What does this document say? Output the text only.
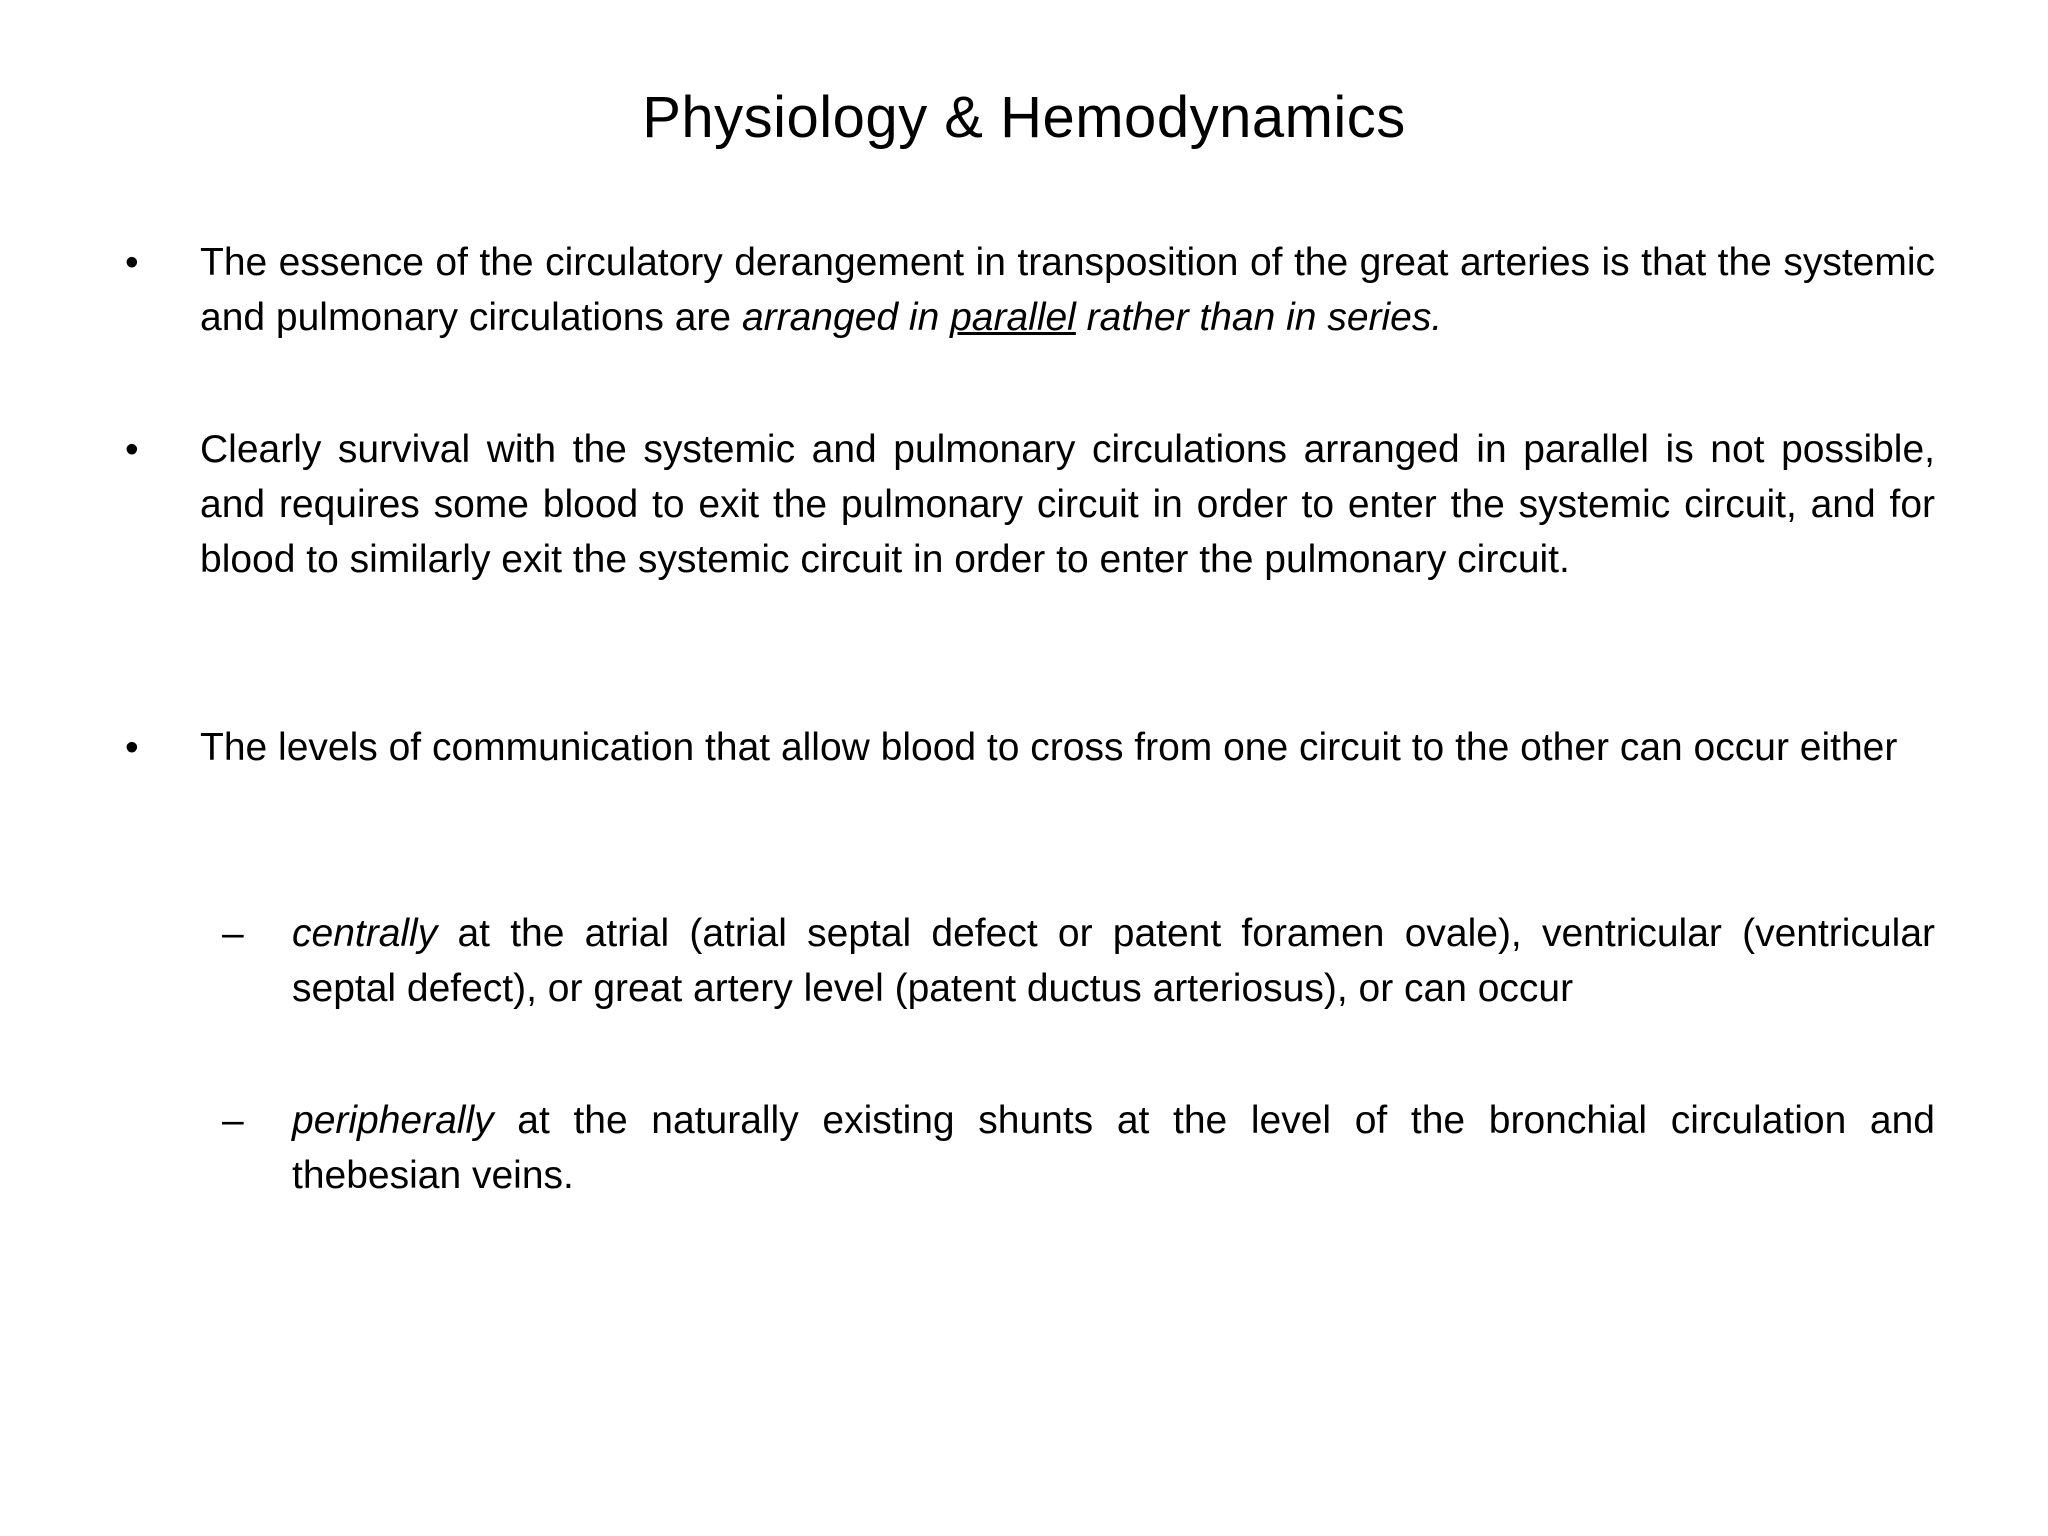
Physiology & Hemodynamics
•	The essence of the circulatory derangement in transposition of the great arteries is that the systemic and pulmonary circulations are arranged in parallel rather than in series.
•	Clearly survival with the systemic and pulmonary circulations arranged in parallel is not possible, and requires some blood to exit the pulmonary circuit in order to enter the systemic circuit, and for blood to similarly exit the systemic circuit in order to enter the pulmonary circuit.
•	The levels of communication that allow blood to cross from one circuit to the other can occur either
–	centrally at the atrial (atrial septal defect or patent foramen ovale), ventricular (ventricular septal defect), or great artery level (patent ductus arteriosus), or can occur
–	peripherally at the naturally existing shunts at the level of the bronchial circulation and thebesian veins.
